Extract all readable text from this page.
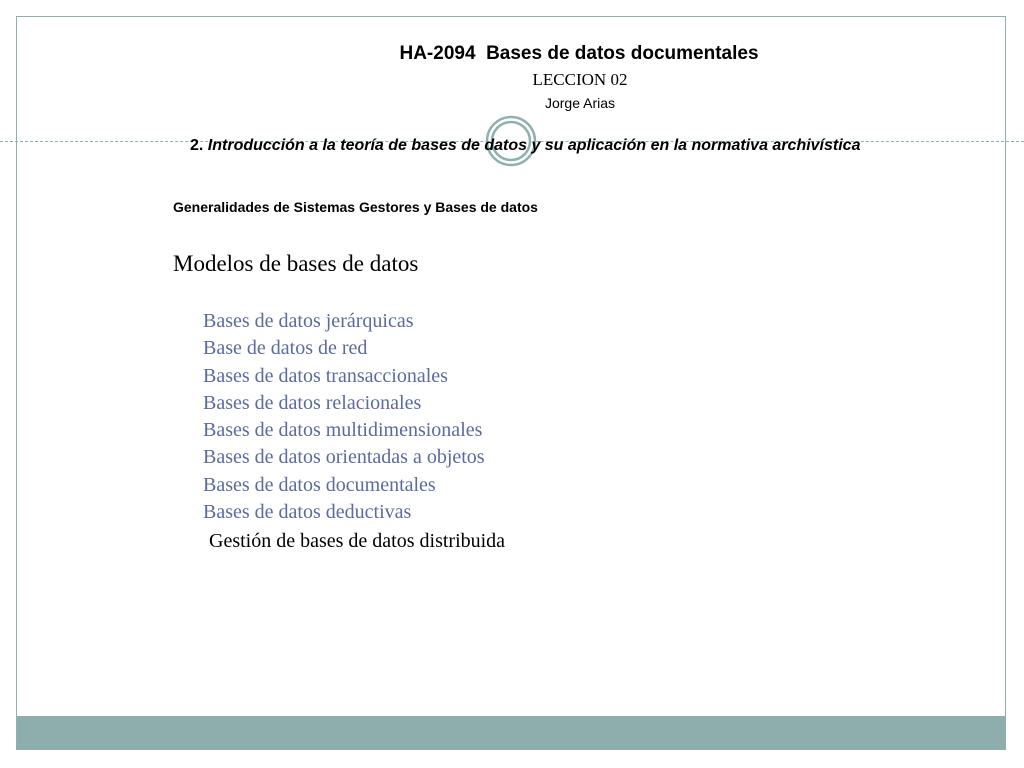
HA-2094  Bases de datos documentales
LECCION 02
Jorge Arias
2. Introducción a la teoría de bases de datos y su aplicación en la normativa archivística
Generalidades de Sistemas Gestores y Bases de datos
Modelos de bases de datos
Bases de datos jerárquicas
Base de datos de red
Bases de datos transaccionales
Bases de datos relacionales
Bases de datos multidimensionales
Bases de datos orientadas a objetos
Bases de datos documentales
Bases de datos deductivas
Gestión de bases de datos distribuida
